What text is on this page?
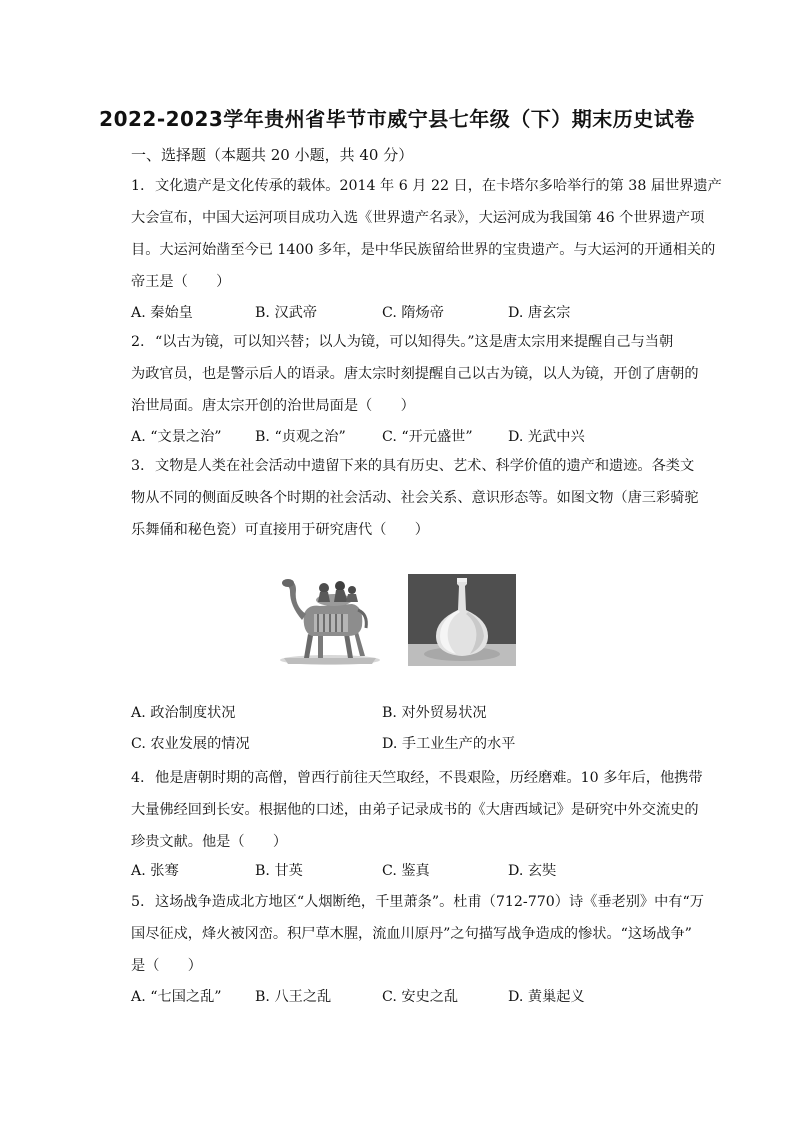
2022-2023学年贵州省毕节市威宁县七年级（下）期末历史试卷
一、选择题（本题共 20 小题，共 40 分）
1. 文化遗产是文化传承的载体。2014 年 6 月 22 日，在卡塔尔多哈举行的第 38 届世界遗产
大会宣布，中国大运河项目成功入选《世界遗产名录》，大运河成为我国第 46 个世界遗产项
目。大运河始凿至今已 1400 多年，是中华民族留给世界的宝贵遗产。与大运河的开通相关的
帝王是（　　）
A. 秦始皇	B. 汉武帝	C. 隋炀帝	D. 唐玄宗
2. “以古为镜，可以知兴替；以人为镜，可以知得失。”这是唐太宗用来提醒自己与当朝
为政官员，也是警示后人的语录。唐太宗时刻提醒自己以古为镜，以人为镜，开创了唐朝的
治世局面。唐太宗开创的治世局面是（　　）
A. “文景之治” B. “贞观之治”	C. “开元盛世” D. 光武中兴
3. 文物是人类在社会活动中遗留下来的具有历史、艺术、科学价值的遗产和遗迹。各类文
物从不同的侧面反映各个时期的社会活动、社会关系、意识形态等。如图文物（唐三彩骑驼
乐舞俑和秘色瓷）可直接用于研究唐代（　　）
A. 政治制度状况	B. 对外贸易状况
C. 农业发展的情况	D. 手工业生产的水平
4. 他是唐朝时期的高僧，曾西行前往天竺取经，不畏艰险，历经磨难。10 多年后，他携带
大量佛经回到长安。根据他的口述，由弟子记录成书的《大唐西域记》是研究中外交流史的
珍贵文献。他是（　　）
A. 张骞	B. 甘英	C. 鉴真	D. 玄奘
5. 这场战争造成北方地区“人烟断绝，千里萧条”。杜甫（712-770）诗《垂老别》中有“万
国尽征戍，烽火被冈峦。积尸草木腥，流血川原丹”之句描写战争造成的惨状。“这场战争”
是（　　）
A. “七国之乱” B. 八王之乱	C. 安史之乱	D. 黄巢起义
